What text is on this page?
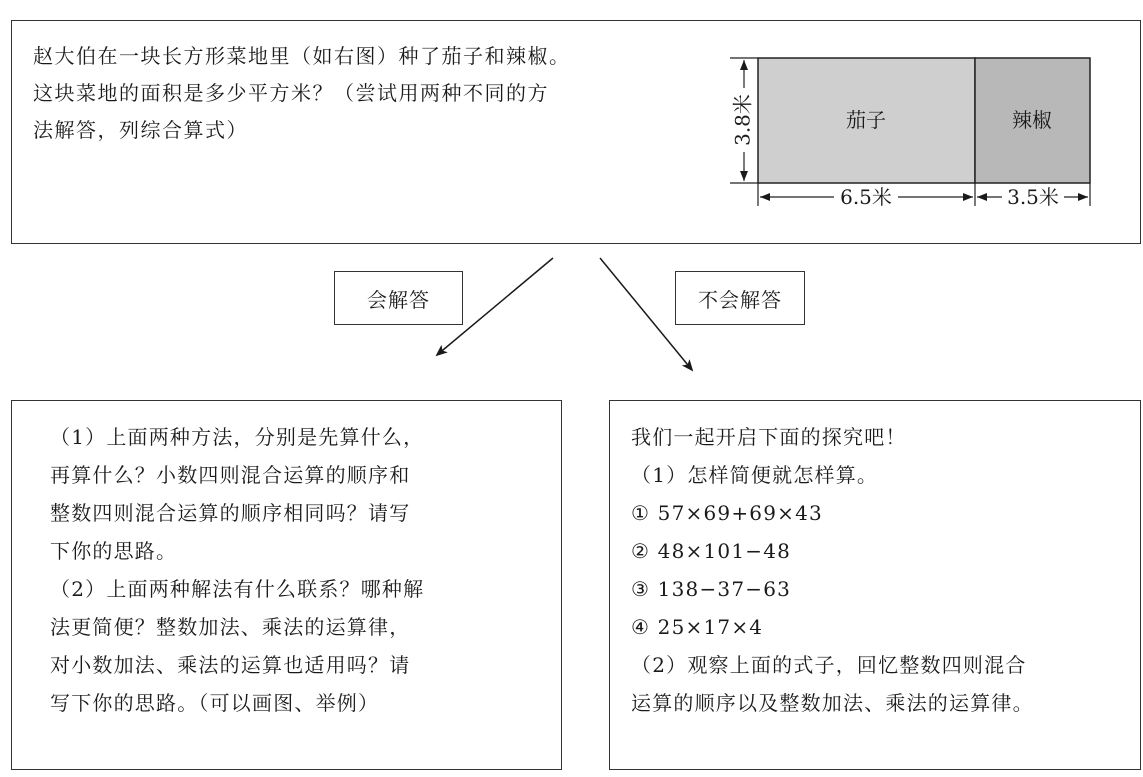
赵大伯在一块长方形菜地里（如右图）种了茄子和辣椒。
这块菜地的面积是多少平方米？（尝试用两种不同的方
法解答，列综合算式）	茄子	辣椒
3.8米
6.5米	3.5米
会解答	不会解答

（1）上面两种方法，分别是先算什么，

再算什么？小数四则混合运算的顺序和

整数四则混合运算的顺序相同吗？请写

下你的思路。

（2）上面两种解法有什么联系？哪种解

法更简便？整数加法、乘法的运算律，

对小数加法、乘法的运算也适用吗？请

写下你的思路。（可以画图、举例）

我们一起开启下面的探究吧！

（1）怎样简便就怎样算。

① 57×69+69×43

② 48×101−48

③ 138−37−63

④ 25×17×4

（2）观察上面的式子，回忆整数四则混合

运算的顺序以及整数加法、乘法的运算律。
